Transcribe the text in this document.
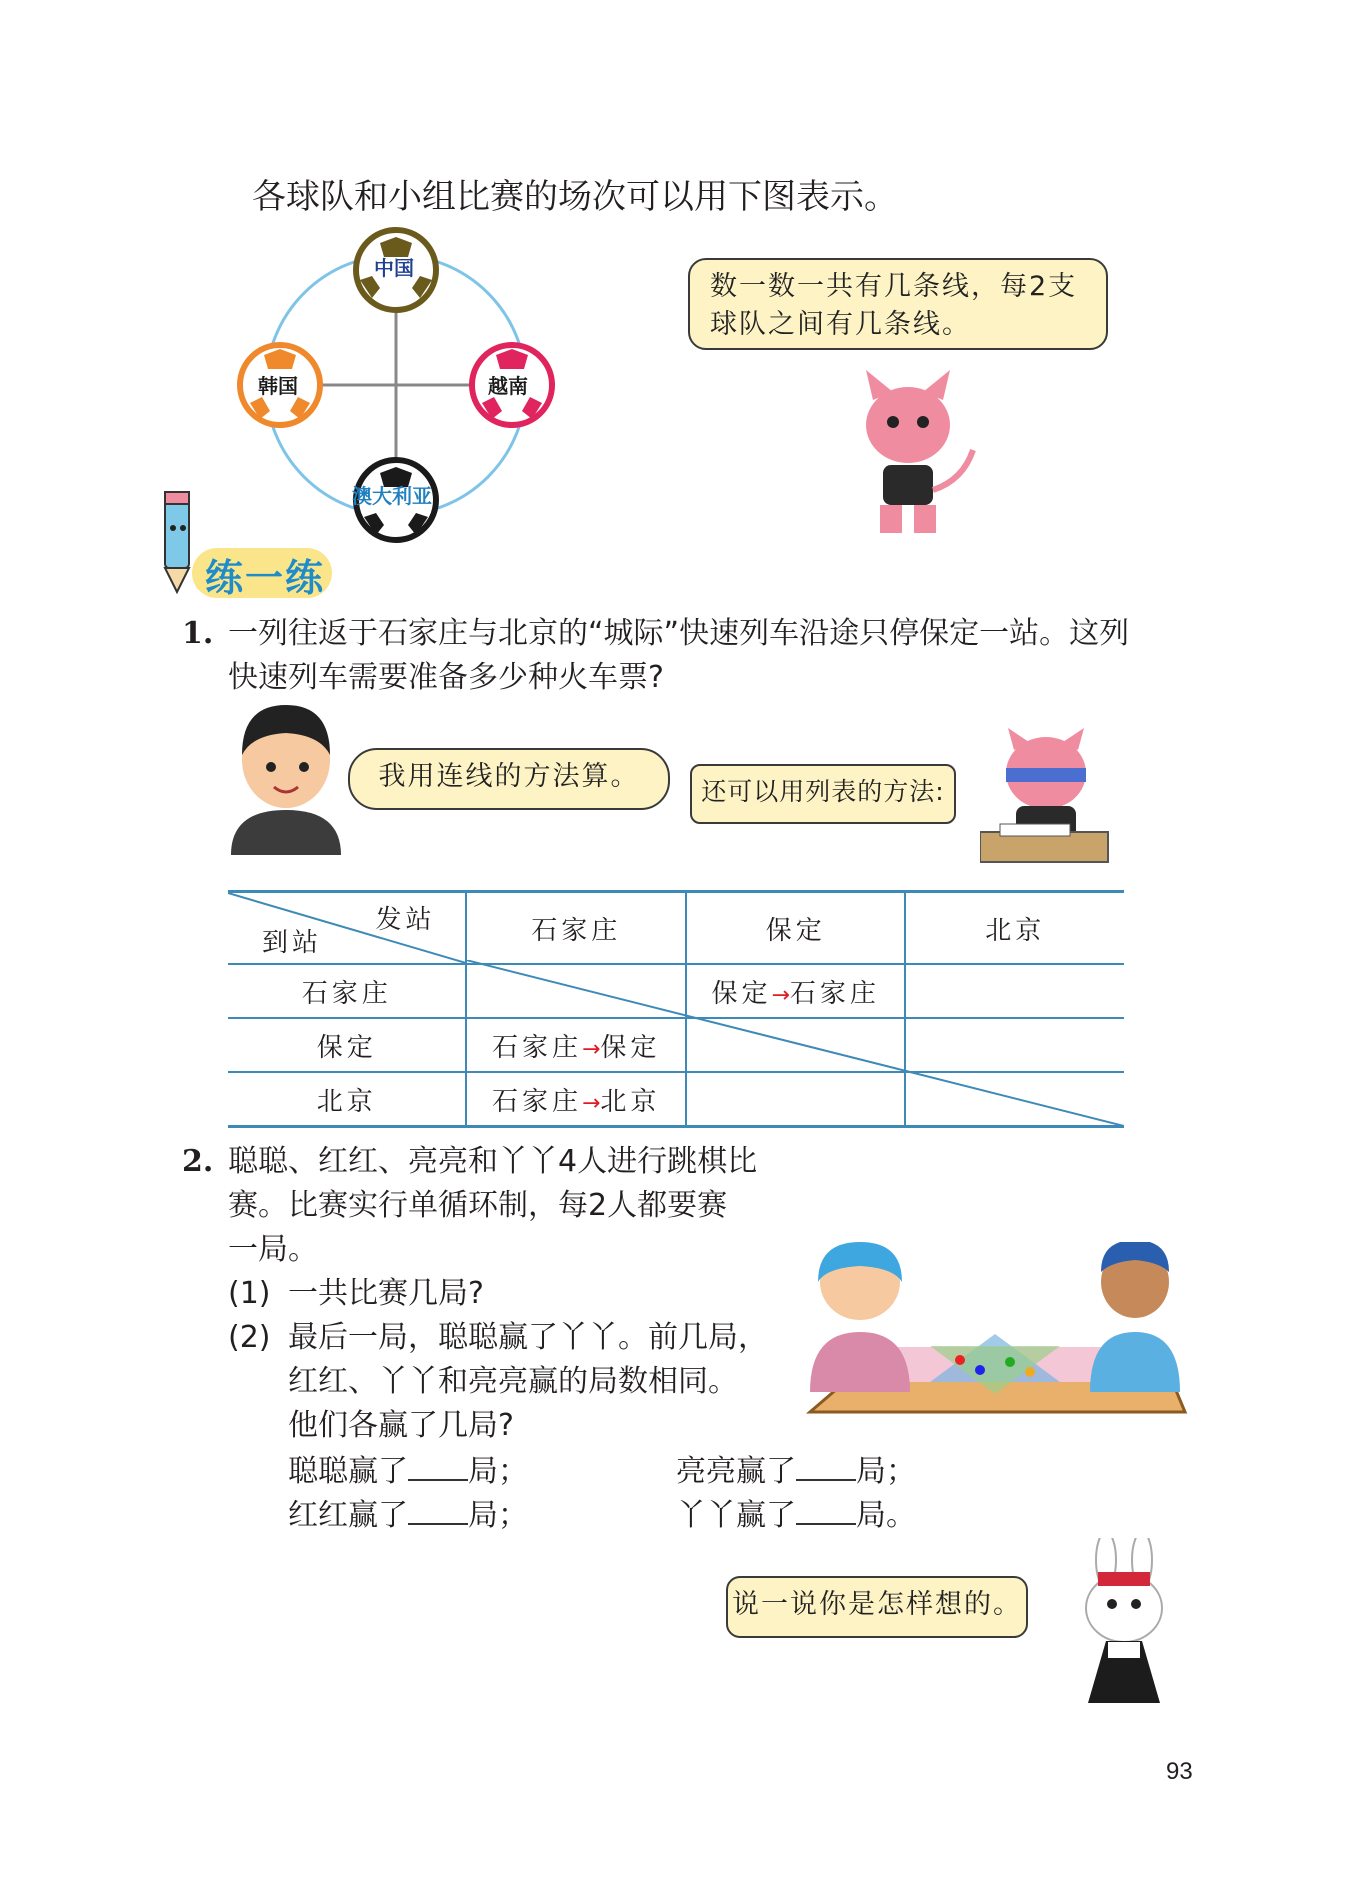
各球队和小组比赛的场次可以用下图表示。
中国
韩国	越南
澳大利亚
数一数一共有几条线，每2支球队之间有几条线。
练一练
1. 一列往返于石家庄与北京的“城际”快速列车沿途只停保定一站。这列
快速列车需要准备多少种火车票?
我用连线的方法算。	还可以用列表的方法:
发站
到站	石家庄	保定	北京
石家庄		保定→石家庄	
保定	石家庄→保定		
北京	石家庄→北京		
2. 聪聪、红红、亮亮和丫丫4人进行跳棋比
赛。比赛实行单循环制，每2人都要赛
一局。
(1) 一共比赛几局?
(2) 最后一局，聪聪赢了丫丫。前几局，
红红、丫丫和亮亮赢的局数相同。
他们各赢了几局?
聪聪赢了 局；	亮亮赢了 局；
红红赢了 局；	丫丫赢了 局。
说一说你是怎样想的。
93
